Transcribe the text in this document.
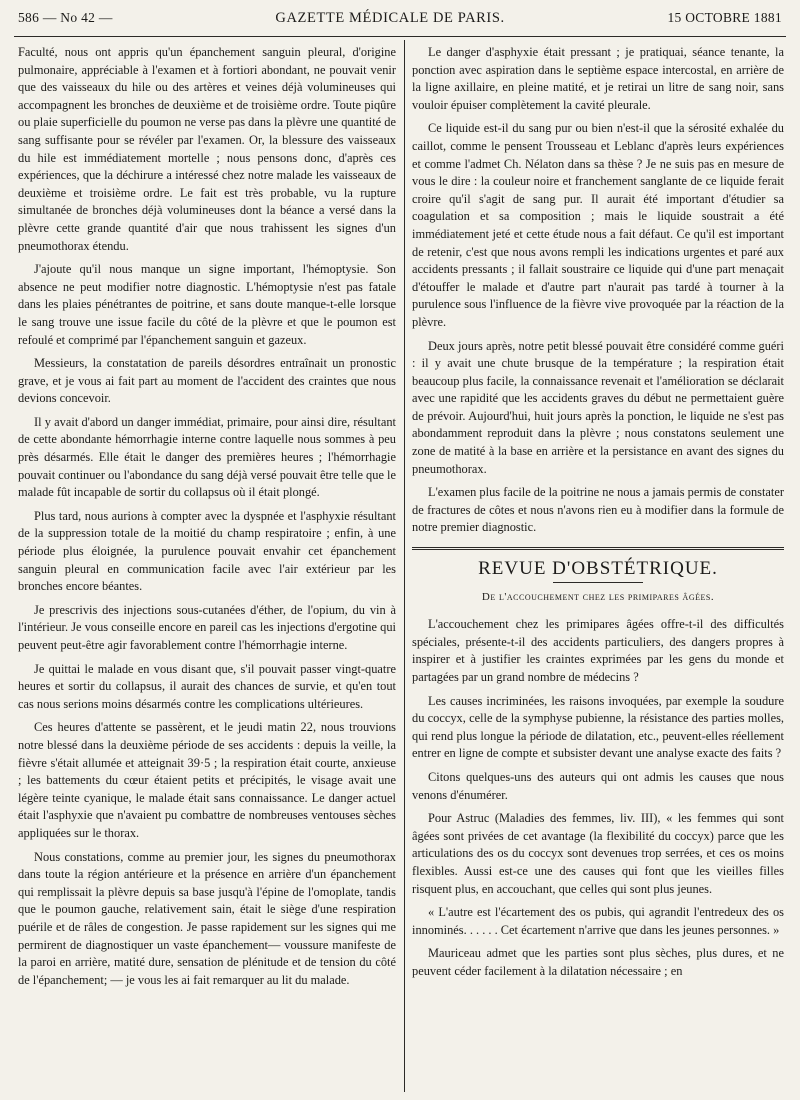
586 — No 42 —	GAZETTE MÉDICALE DE PARIS.	15 OCTOBRE 1881

Faculté, nous ont appris qu'un épanchement sanguin pleural, d'origine pulmonaire, appréciable à l'examen et à fortiori abondant, ne pouvait venir que des vaisseaux du hile ou des artères et veines déjà volumineuses qui accompagnent les bronches de deuxième et de troisième ordre. Toute piqûre ou plaie superficielle du poumon ne verse pas dans la plèvre une quantité de sang suffisante pour se révéler par l'examen. Or, la blessure des vaisseaux du hile est immédiatement mortelle ; nous pensons donc, d'après ces expériences, que la déchirure a intéressé chez notre malade les vaisseaux de deuxième et troisième ordre. Le fait est très probable, vu la rupture simultanée de bronches déjà volumineuses dont la béance a versé dans la plèvre cette grande quantité d'air que nous trahissent les signes d'un pneumothorax étendu.

J'ajoute qu'il nous manque un signe important, l'hémoptysie. Son absence ne peut modifier notre diagnostic. L'hémoptysie n'est pas fatale dans les plaies pénétrantes de poitrine, et sans doute manque-t-elle lorsque le sang trouve une issue facile du côté de la plèvre et que le poumon est refoulé et comprimé par l'épanchement sanguin et gazeux.

Messieurs, la constatation de pareils désordres entraînait un pronostic grave, et je vous ai fait part au moment de l'accident des craintes que nous devions concevoir.

Il y avait d'abord un danger immédiat, primaire, pour ainsi dire, résultant de cette abondante hémorrhagie interne contre laquelle nous sommes à peu près désarmés. Elle était le danger des premières heures ; l'hémorrhagie pouvait continuer ou l'abondance du sang déjà versé pouvait être telle que le malade fût incapable de sortir du collapsus où il était plongé.

Plus tard, nous aurions à compter avec la dyspnée et l'asphyxie résultant de la suppression totale de la moitié du champ respiratoire ; enfin, à une période plus éloignée, la purulence pouvait envahir cet épanchement sanguin pleural en communication facile avec l'air extérieur par les bronches encore béantes.

Je prescrivis des injections sous-cutanées d'éther, de l'opium, du vin à l'intérieur. Je vous conseille encore en pareil cas les injections d'ergotine qui peuvent peut-être agir favorablement contre l'hémorrhagie interne.

Je quittai le malade en vous disant que, s'il pouvait passer vingt-quatre heures et sortir du collapsus, il aurait des chances de survie, et qu'en tout cas nous serions moins désarmés contre les complications ultérieures.

Ces heures d'attente se passèrent, et le jeudi matin 22, nous trouvions notre blessé dans la deuxième période de ses accidents : depuis la veille, la fièvre s'était allumée et atteignait 39·5 ; la respiration était courte, anxieuse ; les battements du cœur étaient petits et précipités, le visage avait une légère teinte cyanique, le malade était sans connaissance. Le danger actuel était l'asphyxie que n'avaient pu combattre de nombreuses ventouses sèches appliquées sur le thorax.

Nous constations, comme au premier jour, les signes du pneumothorax dans toute la région antérieure et la présence en arrière d'un épanchement qui remplissait la plèvre depuis sa base jusqu'à l'épine de l'omoplate, tandis que le poumon gauche, relativement sain, était le siège d'une respiration puérile et de râles de congestion. Je passe rapidement sur les signes qui me permirent de diagnostiquer un vaste épanchement— voussure manifeste de la paroi en arrière, matité dure, sensation de plénitude et de tension du côté de l'épanchement; — je vous les ai fait remarquer au lit du malade.

Le danger d'asphyxie était pressant ; je pratiquai, séance tenante, la ponction avec aspiration dans le septième espace intercostal, en arrière de la ligne axillaire, en pleine matité, et je retirai un litre de sang noir, sans vouloir épuiser complètement la cavité pleurale.

Ce liquide est-il du sang pur ou bien n'est-il que la sérosité exhalée du caillot, comme le pensent Trousseau et Leblanc d'après leurs expériences et comme l'admet Ch. Nélaton dans sa thèse ? Je ne suis pas en mesure de vous le dire : la couleur noire et franchement sanglante de ce liquide ferait croire qu'il s'agit de sang pur. Il aurait été important d'étudier sa coagulation et sa composition ; mais le liquide soustrait a été immédiatement jeté et cette étude nous a fait défaut. Ce qu'il est important de retenir, c'est que nous avons rempli les indications urgentes et paré aux accidents pressants ; il fallait soustraire ce liquide qui d'une part menaçait d'étouffer le malade et d'autre part n'aurait pas tardé à tourner à la purulence sous l'influence de la fièvre vive provoquée par la réaction de la plèvre.

Deux jours après, notre petit blessé pouvait être considéré comme guéri : il y avait une chute brusque de la température ; la respiration était beaucoup plus facile, la connaissance revenait et l'amélioration se déclarait avec une rapidité que les accidents graves du début ne permettaient guère de prévoir. Aujourd'hui, huit jours après la ponction, le liquide ne s'est pas abondamment reproduit dans la plèvre ; nous constatons seulement une zone de matité à la base en arrière et la persistance en avant des signes du pneumothorax.

L'examen plus facile de la poitrine ne nous a jamais permis de constater de fractures de côtes et nous n'avons rien eu à modifier dans la formule de notre premier diagnostic.

REVUE D'OBSTÉTRIQUE.
De l'accouchement chez les primipares âgées.

L'accouchement chez les primipares âgées offre-t-il des difficultés spéciales, présente-t-il des accidents particuliers, des dangers propres à inspirer et à justifier les craintes exprimées par les gens du monde et partagées par un grand nombre de médecins ?

Les causes incriminées, les raisons invoquées, par exemple la soudure du coccyx, celle de la symphyse pubienne, la résistance des parties molles, qui rend plus longue la période de dilatation, etc., peuvent-elles réellement entrer en ligne de compte et subsister devant une analyse exacte des faits ?

Citons quelques-uns des auteurs qui ont admis les causes que nous venons d'énumérer.

Pour Astruc (Maladies des femmes, liv. III), « les femmes qui sont âgées sont privées de cet avantage (la flexibilité du coccyx) parce que les articulations des os du coccyx sont devenues trop serrées, et ces os moins flexibles. Aussi est-ce une des causes qui font que les vieilles filles risquent plus, en accouchant, que celles qui sont plus jeunes.

« L'autre est l'écartement des os pubis, qui agrandit l'entredeux des os innominés. . . . . . Cet écartement n'arrive que dans les jeunes personnes. »

Mauriceau admet que les parties sont plus sèches, plus dures, et ne peuvent céder facilement à la dilatation nécessaire ; en
